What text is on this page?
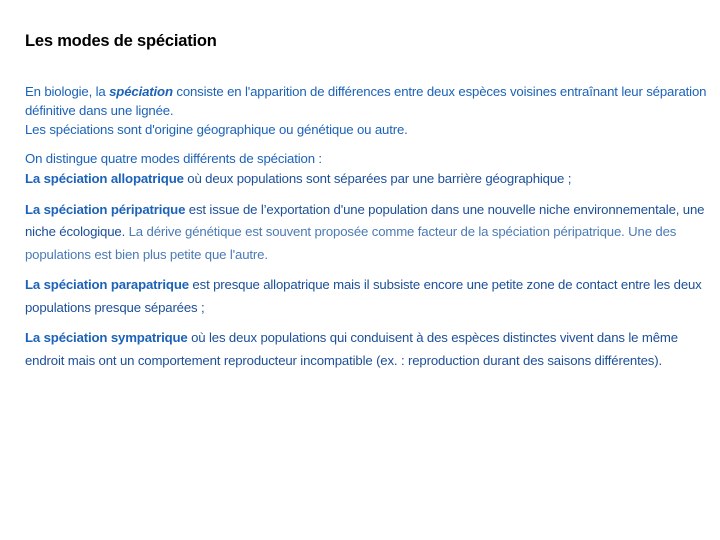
Les modes de spéciation

En biologie, la spéciation consiste en l'apparition de différences entre deux espèces voisines entraînant leur séparation définitive dans une lignée.
Les spéciations sont d'origine géographique ou génétique ou autre.

On distingue quatre modes différents de spéciation :

La spéciation allopatrique où deux populations sont séparées par une barrière géographique ;

La spéciation péripatrique est issue de l’exportation d'une population dans une nouvelle niche environnementale, une niche écologique. La dérive génétique est souvent proposée comme facteur de la spéciation péripatrique. Une des populations est bien plus petite que l'autre.

La spéciation parapatrique est presque allopatrique mais il subsiste encore une petite zone de contact entre les deux populations presque séparées ;

La spéciation sympatrique où les deux populations qui conduisent à des espèces distinctes vivent dans le même endroit mais ont un comportement reproducteur incompatible (ex. : reproduction durant des saisons différentes).
